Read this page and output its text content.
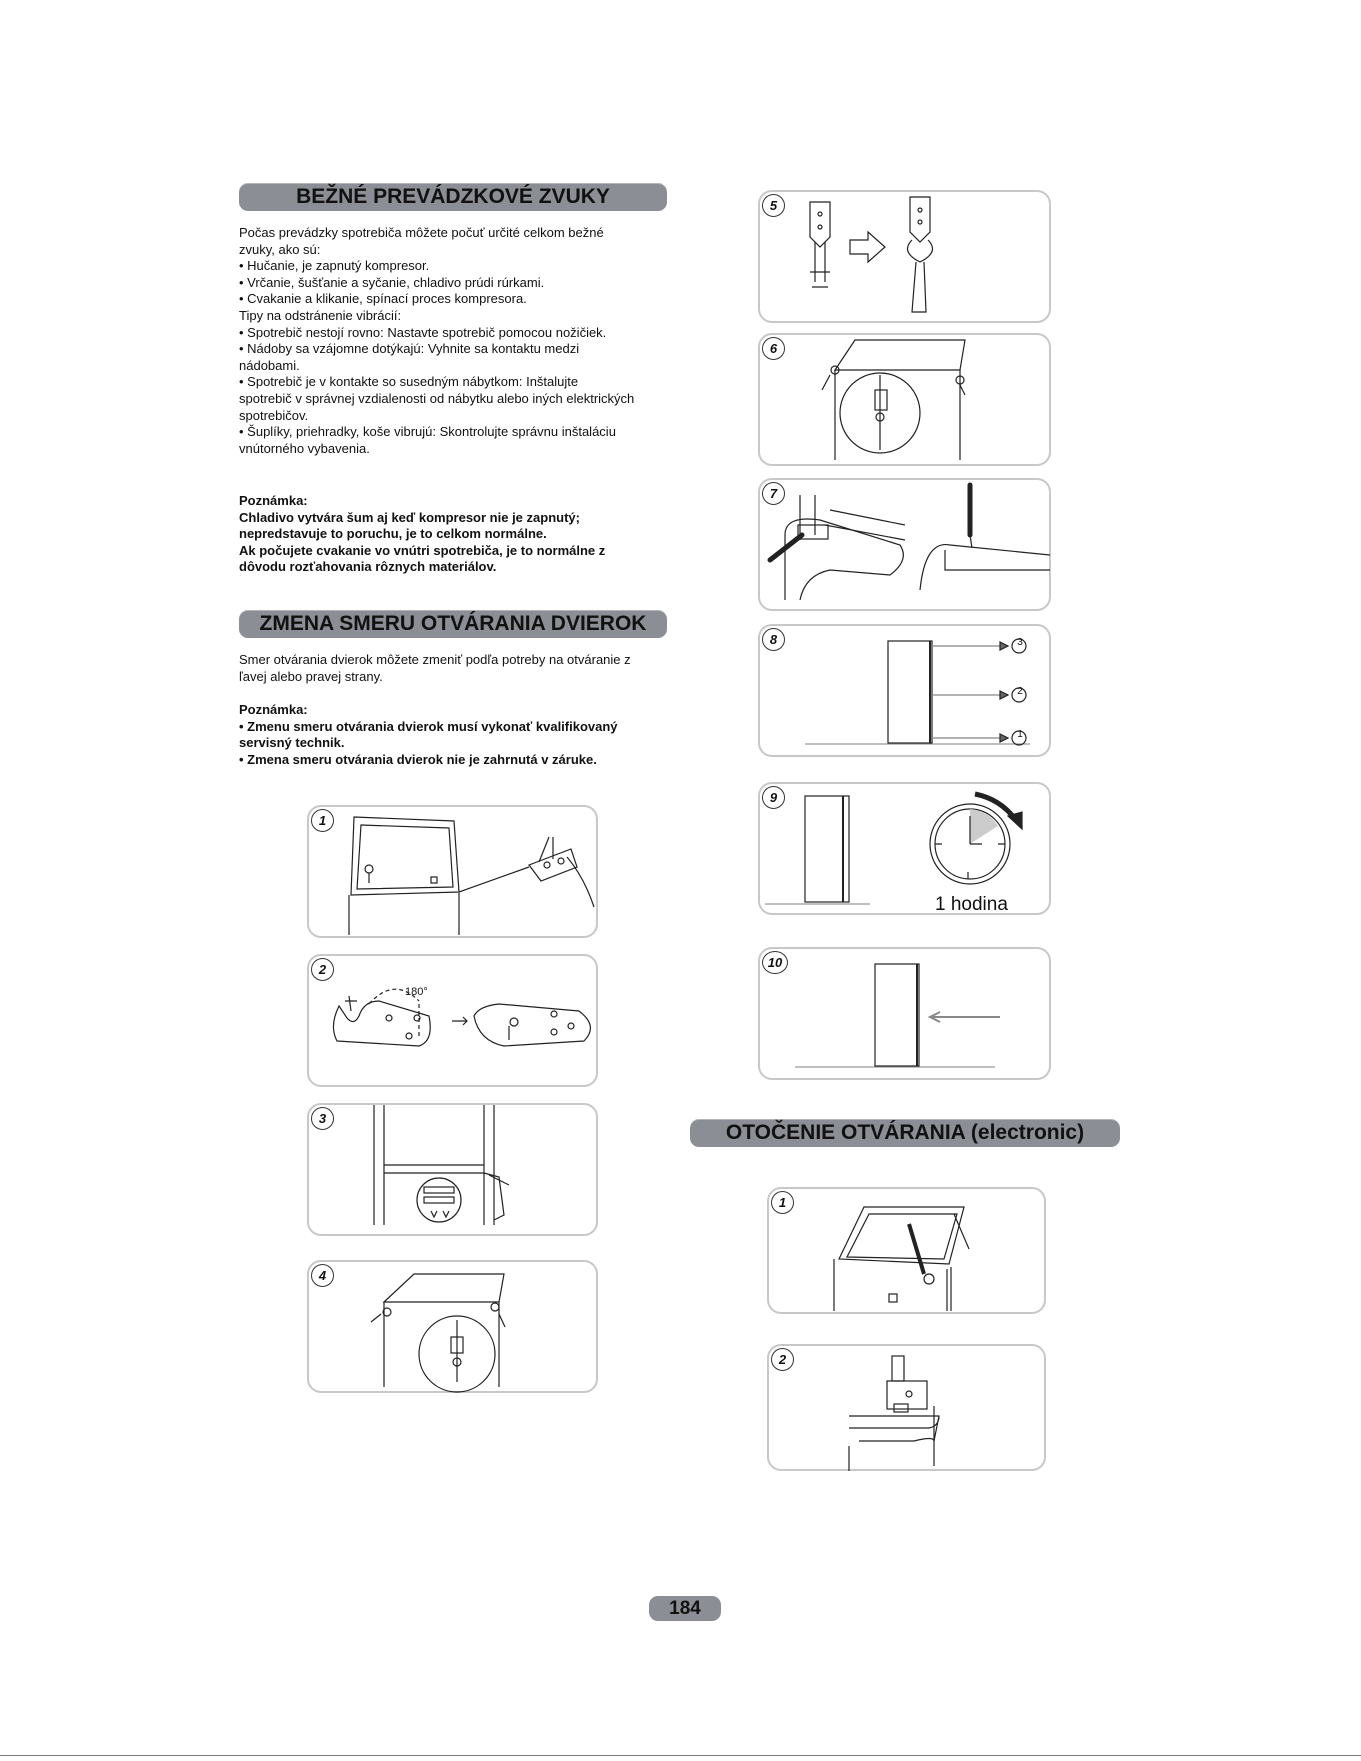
BEŽNÉ PREVÁDZKOVÉ ZVUKY

Počas prevádzky spotrebiča môžete počuť určité celkom bežné

zvuky, ako sú:

• Hučanie, je zapnutý kompresor.

• Vrčanie, šušťanie a syčanie, chladivo prúdi rúrkami.

• Cvakanie a klikanie, spínací proces kompresora.

Tipy na odstránenie vibrácií:

• Spotrebič nestojí rovno: Nastavte spotrebič pomocou nožičiek.

• Nádoby sa vzájomne dotýkajú: Vyhnite sa kontaktu medzi

nádobami.

• Spotrebič je v kontakte so susedným nábytkom: Inštalujte

spotrebič v správnej vzdialenosti od nábytku alebo iných elektrických

spotrebičov.

• Šuplíky, priehradky, koše vibrujú: Skontrolujte správnu inštaláciu

vnútorného vybavenia.

Poznámka:

Chladivo vytvára šum aj keď kompresor nie je zapnutý;

nepredstavuje to poruchu, je to celkom normálne.

Ak počujete cvakanie vo vnútri spotrebiča, je to normálne z

dôvodu rozťahovania rôznych materiálov.

ZMENA SMERU OTVÁRANIA DVIEROK

Smer otvárania dvierok môžete zmeniť podľa potreby na otváranie z

ľavej alebo pravej strany.

Poznámka:

• Zmenu smeru otvárania dvierok musí vykonať kvalifikovaný

servisný technik.

• Zmena smeru otvárania dvierok nie je zahrnutá v záruke.

1
2
180°
3
4
5
6
7
8	3
2
1
9
1 hodina
10
OTOČENIE OTVÁRANIA (electronic)
1
2
184
